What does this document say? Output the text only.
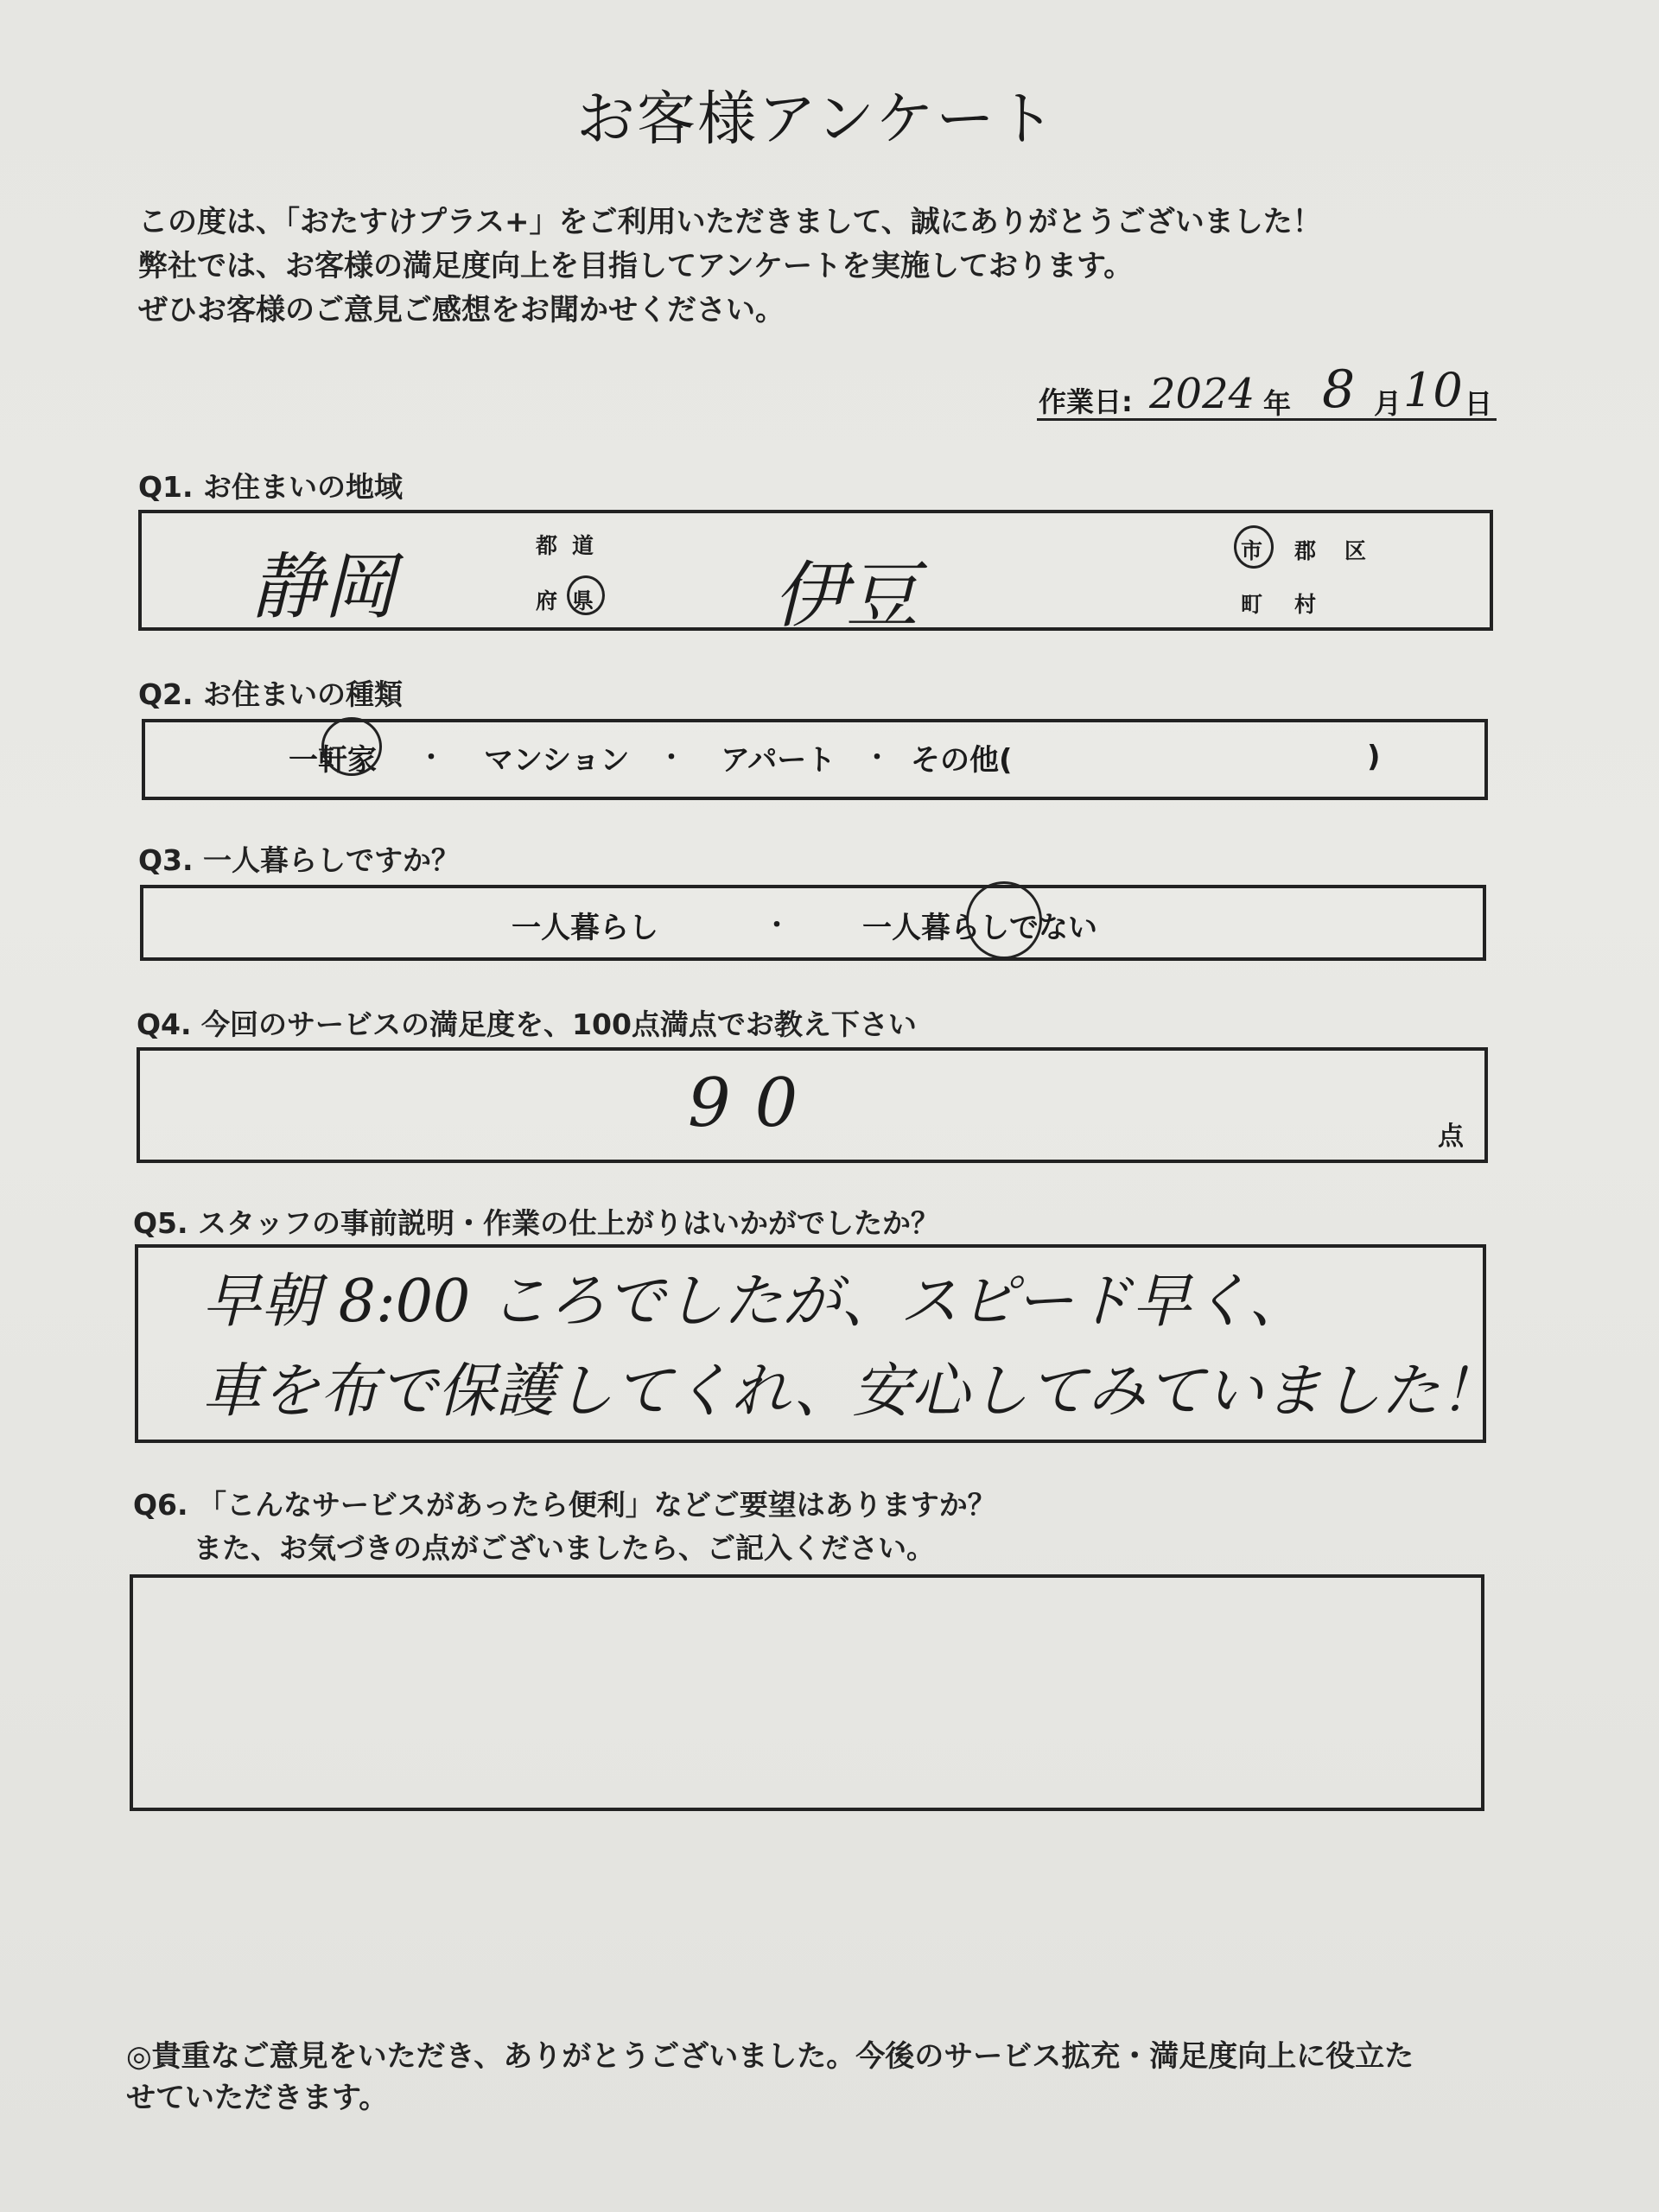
お客様アンケート
この度は、「おたすけプラス+」をご利用いただきまして、誠にありがとうございました！
弊社では、お客様の満足度向上を目指してアンケートを実施しております。
ぜひお客様のご意見ご感想をお聞かせください。
作業日: 2024 年 8 月 10 日
Q1. お住まいの地域
静岡	都 道
府 県 伊豆
市 郡 区
町 村
Q2. お住まいの種類
一軒家 ・ マンション ・ アパート ・ その他(	)
Q3. 一人暮らしですか？
一人暮らし	・ 一人暮らしでない
Q4. 今回のサービスの満足度を、100点満点でお教え下さい
90	点
Q5. スタッフの事前説明・作業の仕上がりはいかがでしたか？
早朝 8:00 ころでしたが、スピード早く、
車を布で保護してくれ、安心してみていました！
Q6. 「こんなサービスがあったら便利」などご要望はありますか？
また、お気づきの点がございましたら、ご記入ください。
◎貴重なご意見をいただき、ありがとうございました。今後のサービス拡充・満足度向上に役立た
せていただきます。
